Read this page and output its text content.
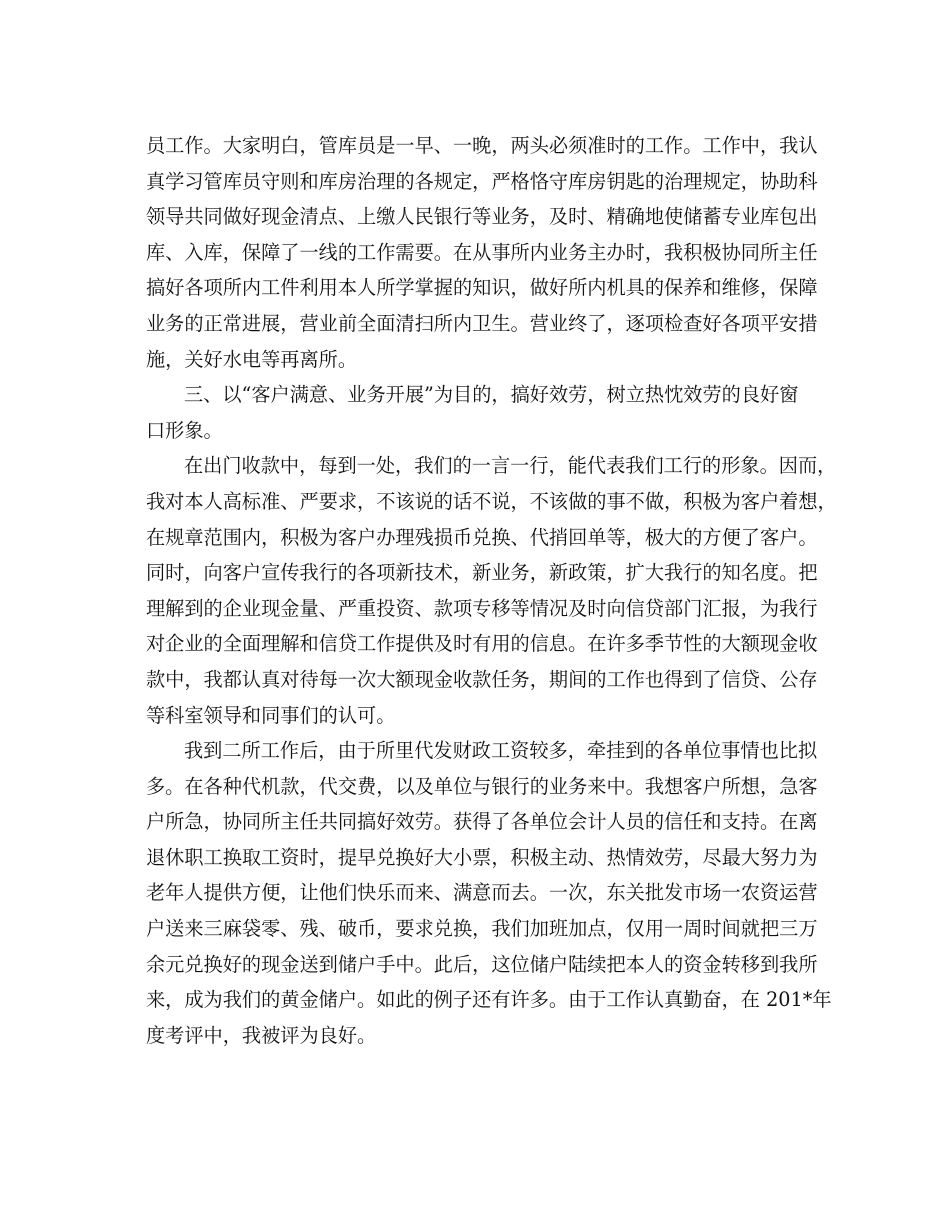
员工作。大家明白，管库员是一早、一晚，两头必须准时的工作。工作中，我认
真学习管库员守则和库房治理的各规定，严格恪守库房钥匙的治理规定，协助科
领导共同做好现金清点、上缴人民银行等业务，及时、精确地使储蓄专业库包出
库、入库，保障了一线的工作需要。在从事所内业务主办时，我积极协同所主任
搞好各项所内工件利用本人所学掌握的知识，做好所内机具的保养和维修，保障
业务的正常进展，营业前全面清扫所内卫生。营业终了，逐项检查好各项平安措
施，关好水电等再离所。
三、以“客户满意、业务开展”为目的，搞好效劳，树立热忱效劳的良好窗
口形象。
在出门收款中，每到一处，我们的一言一行，能代表我们工行的形象。因而，
我对本人高标准、严要求，不该说的话不说，不该做的事不做，积极为客户着想，
在规章范围内，积极为客户办理残损币兑换、代捎回单等，极大的方便了客户。
同时，向客户宣传我行的各项新技术，新业务，新政策，扩大我行的知名度。把
理解到的企业现金量、严重投资、款项专移等情况及时向信贷部门汇报，为我行
对企业的全面理解和信贷工作提供及时有用的信息。在许多季节性的大额现金收
款中，我都认真对待每一次大额现金收款任务，期间的工作也得到了信贷、公存
等科室领导和同事们的认可。
我到二所工作后，由于所里代发财政工资较多，牵挂到的各单位事情也比拟
多。在各种代机款，代交费，以及单位与银行的业务来中。我想客户所想，急客
户所急，协同所主任共同搞好效劳。获得了各单位会计人员的信任和支持。在离
退休职工换取工资时，提早兑换好大小票，积极主动、热情效劳，尽最大努力为
老年人提供方便，让他们快乐而来、满意而去。一次，东关批发市场一农资运营
户送来三麻袋零、残、破币，要求兑换，我们加班加点，仅用一周时间就把三万
余元兑换好的现金送到储户手中。此后，这位储户陆续把本人的资金转移到我所
来，成为我们的黄金储户。如此的例子还有许多。由于工作认真勤奋，在 201*年
度考评中，我被评为良好。
